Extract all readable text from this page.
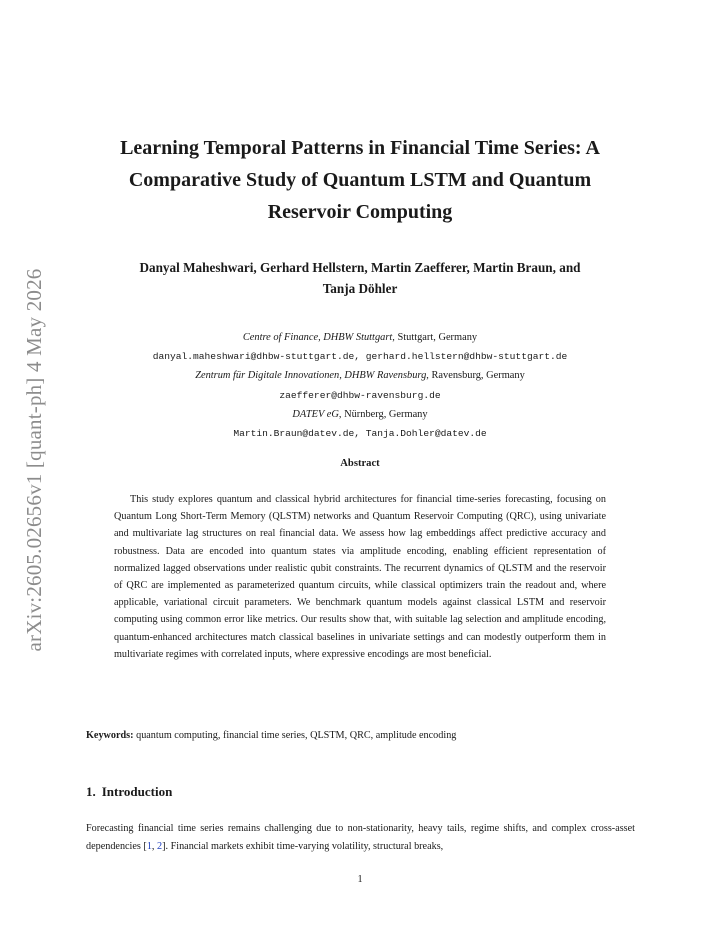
arXiv:2605.02656v1 [quant-ph] 4 May 2026
Learning Temporal Patterns in Financial Time Series: A
Comparative Study of Quantum LSTM and Quantum
Reservoir Computing
Danyal Maheshwari, Gerhard Hellstern, Martin Zaefferer, Martin Braun, and
Tanja Döhler
Centre of Finance, DHBW Stuttgart, Stuttgart, Germany
danyal.maheshwari@dhbw-stuttgart.de, gerhard.hellstern@dhbw-stuttgart.de
Zentrum für Digitale Innovationen, DHBW Ravensburg, Ravensburg, Germany
zaefferer@dhbw-ravensburg.de
DATEV eG, Nürnberg, Germany
Martin.Braun@datev.de, Tanja.Dohler@datev.de
Abstract
This study explores quantum and classical hybrid architectures for financial time-series forecasting, focusing on Quantum Long Short-Term Memory (QLSTM) networks and Quantum Reservoir Computing (QRC), using univariate and multivariate lag structures on real financial data. We assess how lag embeddings affect predictive accuracy and robustness. Data are encoded into quantum states via amplitude encoding, enabling efficient representation of normalized lagged observations under realistic qubit constraints. The recurrent dynamics of QLSTM and the reservoir of QRC are implemented as parameterized quantum circuits, while classical optimizers train the readout and, where applicable, variational circuit parameters. We benchmark quantum models against classical LSTM and reservoir computing using common error like metrics. Our results show that, with suitable lag selection and amplitude encoding, quantum-enhanced architectures match classical baselines in univariate settings and can modestly outperform them in multivariate regimes with correlated inputs, where expressive encodings are most beneficial.
Keywords: quantum computing, financial time series, QLSTM, QRC, amplitude encoding
1. Introduction
Forecasting financial time series remains challenging due to non-stationarity, heavy tails, regime shifts, and complex cross-asset dependencies [1, 2]. Financial markets exhibit time-varying volatility, structural breaks,
1
